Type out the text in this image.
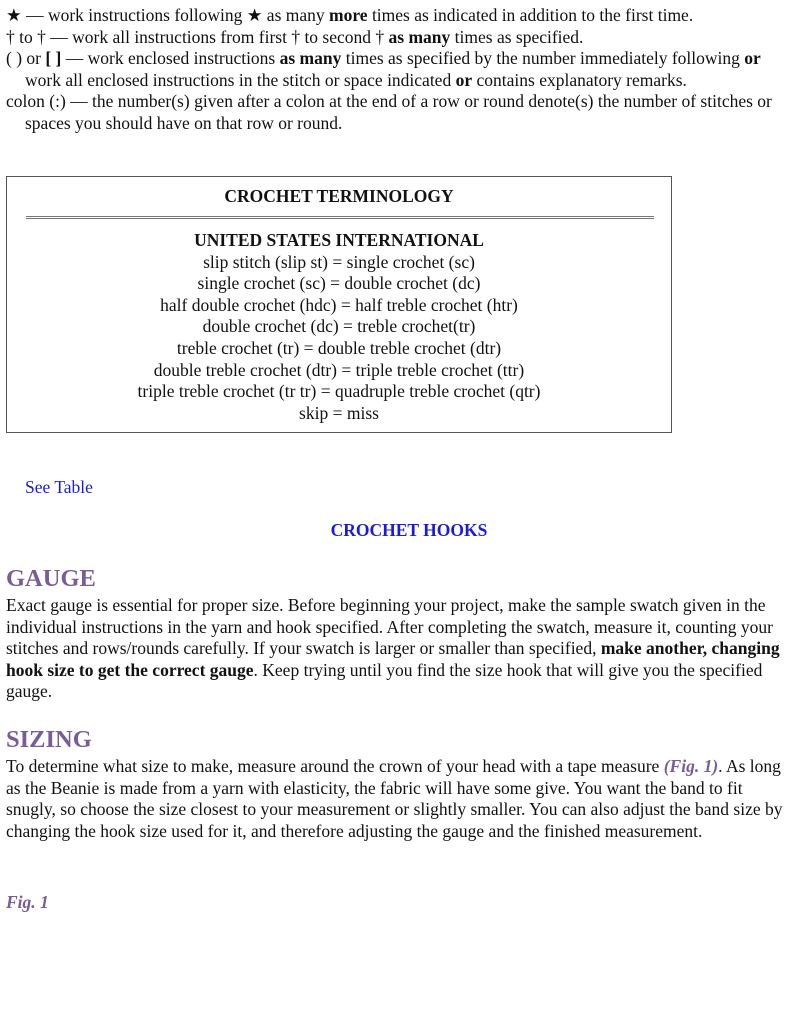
★ — work instructions following ★ as many more times as indicated in addition to the first time.

† to † — work all instructions from first † to second † as many times as specified.

( ) or [ ] — work enclosed instructions as many times as specified by the number immediately following or work all enclosed instructions in the stitch or space indicated or contains explanatory remarks.

colon (:) — the number(s) given after a colon at the end of a row or round denote(s) the number of stitches or spaces you should have on that row or round.

CROCHET TERMINOLOGY
UNITED STATES INTERNATIONAL
slip stitch (slip st) = single crochet (sc)
single crochet (sc) = double crochet (dc)
half double crochet (hdc) = half treble crochet (htr)
double crochet (dc) = treble crochet(tr)
treble crochet (tr) = double treble crochet (dtr)
double treble crochet (dtr) = triple treble crochet (ttr)
triple treble crochet (tr tr) = quadruple treble crochet (qtr)
skip = miss
See Table
CROCHET HOOKS
GAUGE

Exact gauge is essential for proper size. Before beginning your project, make the sample swatch given in the individual instructions in the yarn and hook specified. After completing the swatch, measure it, counting your stitches and rows/rounds carefully. If your swatch is larger or smaller than specified, make another, changing hook size to get the correct gauge. Keep trying until you find the size hook that will give you the specified gauge.

SIZING

To determine what size to make, measure around the crown of your head with a tape measure (Fig. 1). As long as the Beanie is made from a yarn with elasticity, the fabric will have some give. You want the band to fit snugly, so choose the size closest to your measurement or slightly smaller. You can also adjust the band size by changing the hook size used for it, and therefore adjusting the gauge and the finished measurement.

Fig. 1
